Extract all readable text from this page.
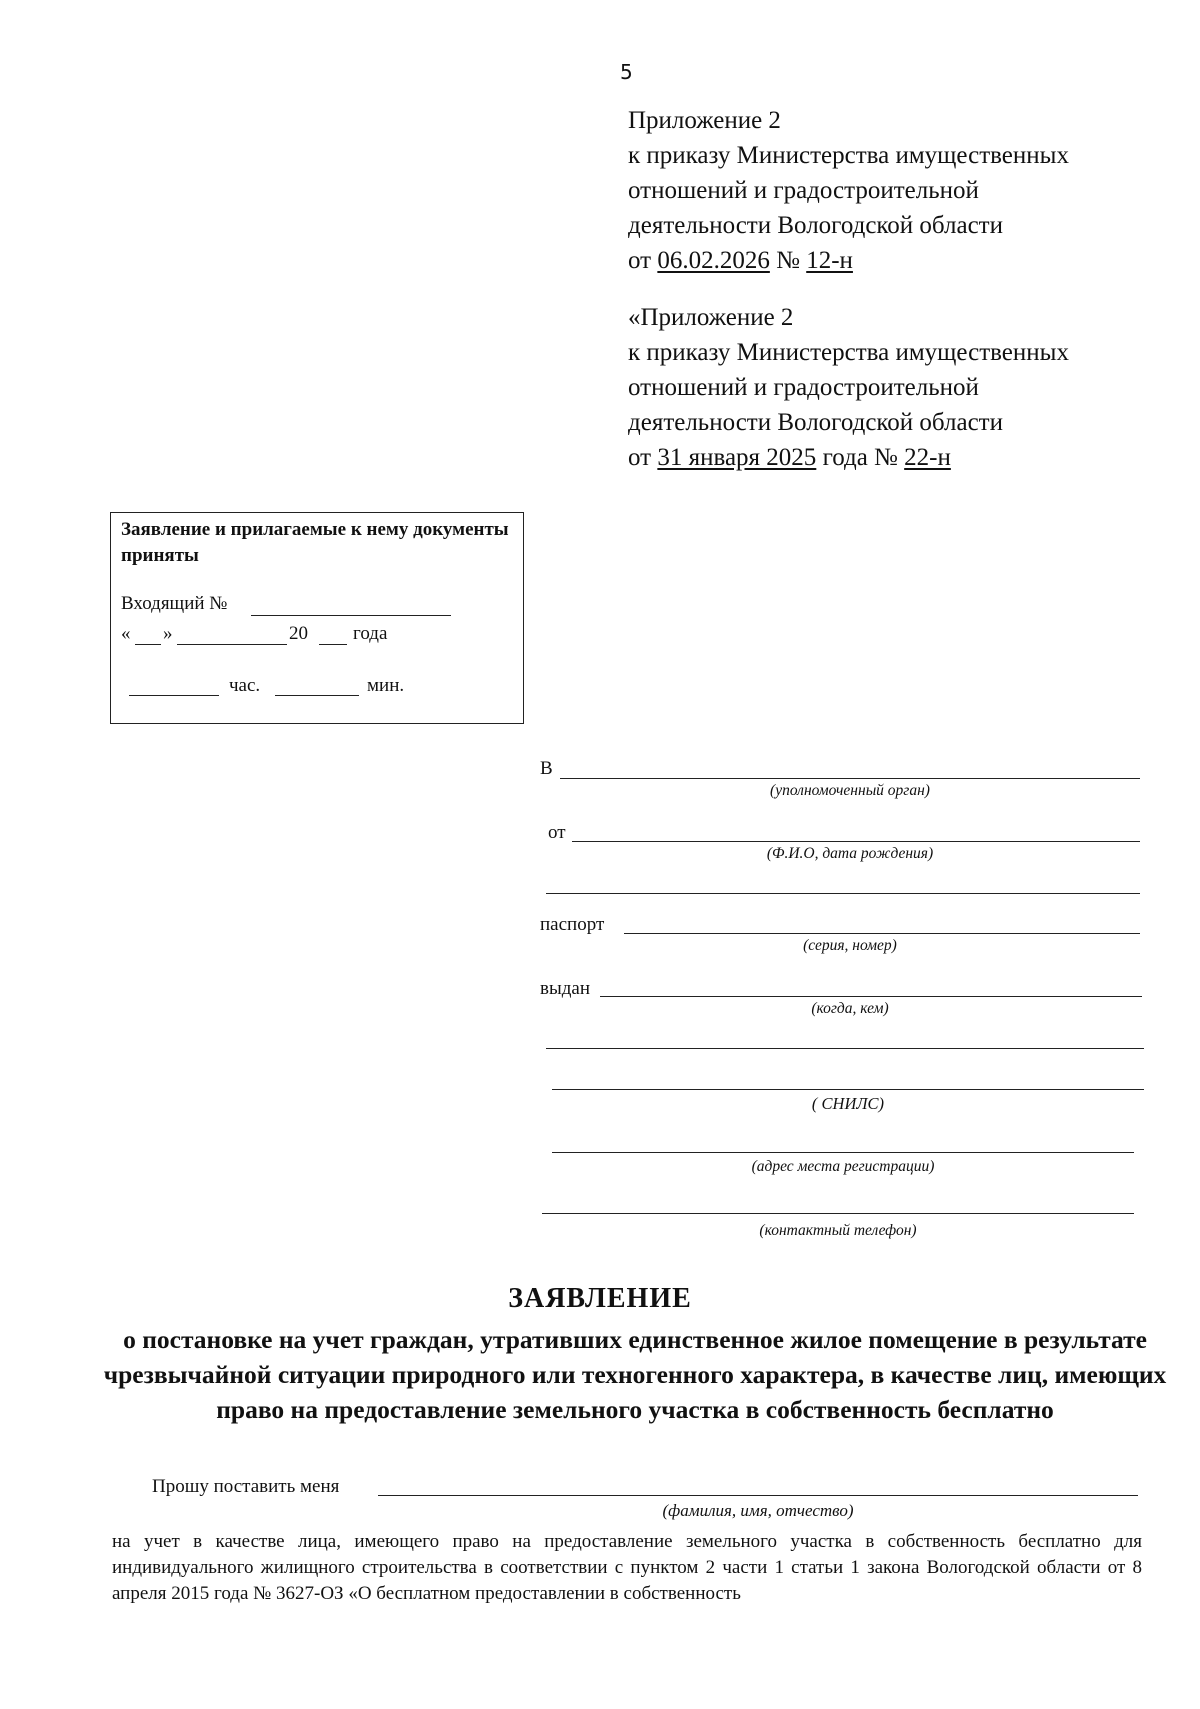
5
Приложение 2
к приказу Министерства имущественных
отношений и градостроительной
деятельности Вологодской области
от 06.02.2026 № 12-н
«Приложение 2
к приказу Министерства имущественных
отношений и градостроительной
деятельности Вологодской области
от 31 января 2025 года № 22-н
Заявление и прилагаемые к нему документы приняты
Входящий №
« »	20 года
час.	мин.
В
(уполномоченный орган)
от
(Ф.И.О, дата рождения)
паспорт
(серия, номер)
выдан
(когда, кем)
( СНИЛС)
(адрес места регистрации)
(контактный телефон)
ЗАЯВЛЕНИЕ
о постановке на учет граждан, утративших единственное жилое помещение в результате чрезвычайной ситуации природного или техногенного характера, в качестве лиц, имеющих право на предоставление земельного участка в собственность бесплатно
Прошу поставить меня
(фамилия, имя, отчество)
на учет в качестве лица, имеющего право на предоставление земельного участка в собственность бесплатно для индивидуального жилищного строительства в соответствии с пунктом 2 части 1 статьи 1 закона Вологодской области от 8 апреля 2015 года № 3627-ОЗ «О бесплатном предоставлении в собственность
